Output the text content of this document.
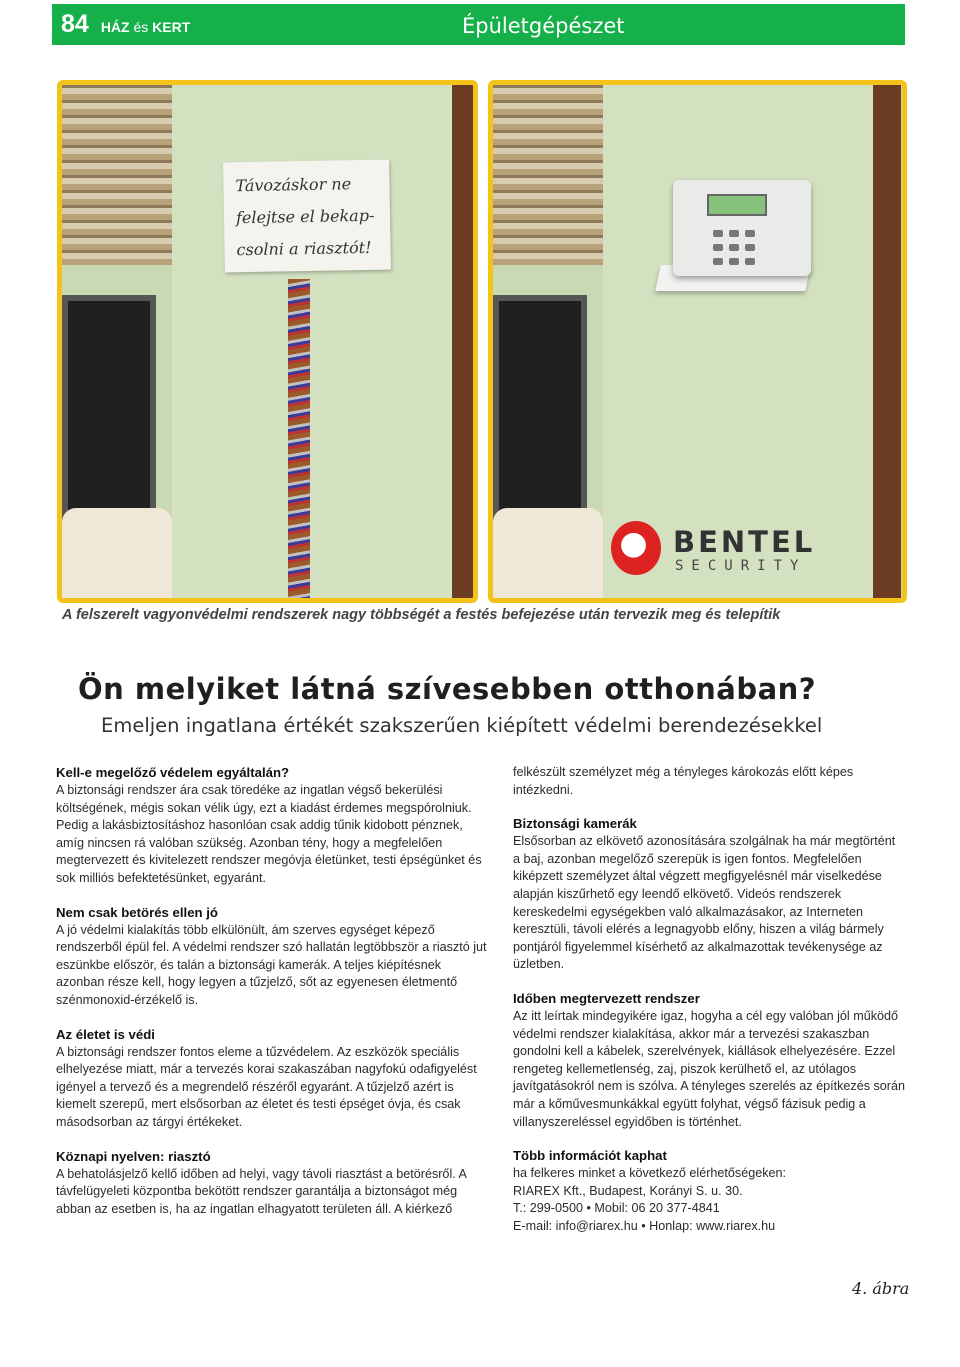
84 HÁZ és KERT	Épületgépészet
Távozáskor ne
felejtse el bekap-
csolni a riasztót!
BENTEL
SECURITY
A felszerelt vagyonvédelmi rendszerek nagy többségét a festés befejezése után tervezik meg és telepítik
Ön melyiket látná szívesebben otthonában?
Emeljen ingatlana értékét szakszerűen kiépített védelmi berendezésekkel
Kell-e megelőző védelem egyáltalán?

A biztonsági rendszer ára csak töredéke az ingatlan végső bekerülési költségének, mégis sokan vélik úgy, ezt a kiadást érdemes megspórolniuk. Pedig a lakásbiztosításhoz hasonlóan csak addig tűnik kidobott pénznek, amíg nincsen rá valóban szükség. Azonban tény, hogy a megfelelően megtervezett és kivitelezett rendszer megóvja életünket, testi épségünket és sok milliós befektetésünket, egyaránt.

Nem csak betörés ellen jó

A jó védelmi kialakítás több elkülönült, ám szerves egységet képező rendszerből épül fel. A védelmi rendszer szó hallatán legtöbbször a riasztó jut eszünkbe először, és talán a biztonsági kamerák. A teljes kiépítésnek azonban része kell, hogy legyen a tűzjelző, sőt az egyenesen életmentő szénmonoxid-érzékelő is.

Az életet is védi

A biztonsági rendszer fontos eleme a tűzvédelem. Az eszközök speciális elhelyezése miatt, már a tervezés korai szakaszában nagyfokú odafigyelést igényel a tervező és a megrendelő részéről egyaránt. A tűzjelző azért is kiemelt szerepű, mert elsősorban az életet és testi épséget óvja, és csak másodsorban az tárgyi értékeket.

Köznapi nyelven: riasztó

A behatolásjelző kellő időben ad helyi, vagy távoli riasztást a betörésről. A távfelügyeleti központba bekötött rendszer garantálja a biztonságot még abban az esetben is, ha az ingatlan elhagyatott területen áll. A kiérkező

felkészült személyzet még a tényleges károkozás előtt képes intézkedni.

Biztonsági kamerák

Elsősorban az elkövető azonosítására szolgálnak ha már megtörtént a baj, azonban megelőző szerepük is igen fontos. Megfelelően kiképzett személyzet által végzett megfigyelésnél már viselkedése alapján kiszűrhető egy leendő elkövető. Videós rendszerek kereskedelmi egységekben való alkalmazásakor, az Interneten keresztüli, távoli elérés a legnagyobb előny, hiszen a világ bármely pontjáról figyelemmel kísérhető az alkalmazottak tevékenysége az üzletben.

Időben megtervezett rendszer

Az itt leírtak mindegyikére igaz, hogyha a cél egy valóban jól működő védelmi rendszer kialakítása, akkor már a tervezési szakaszban gondolni kell a kábelek, szerelvények, kiállások elhelyezésére. Ezzel rengeteg kellemetlenség, zaj, piszok kerülhető el, az utólagos javítgatásokról nem is szólva. A tényleges szerelés az építkezés során már a kőművesmunkákkal együtt folyhat, végső fázisuk pedig a villanyszereléssel egyidőben is történhet.

Több információt kaphat

ha felkeres minket a következő elérhetőségeken:
RIAREX Kft., Budapest, Korányi S. u. 30.
T.: 299-0500 • Mobil: 06 20 377-4841
E-mail: info@riarex.hu • Honlap: www.riarex.hu

4. ábra
